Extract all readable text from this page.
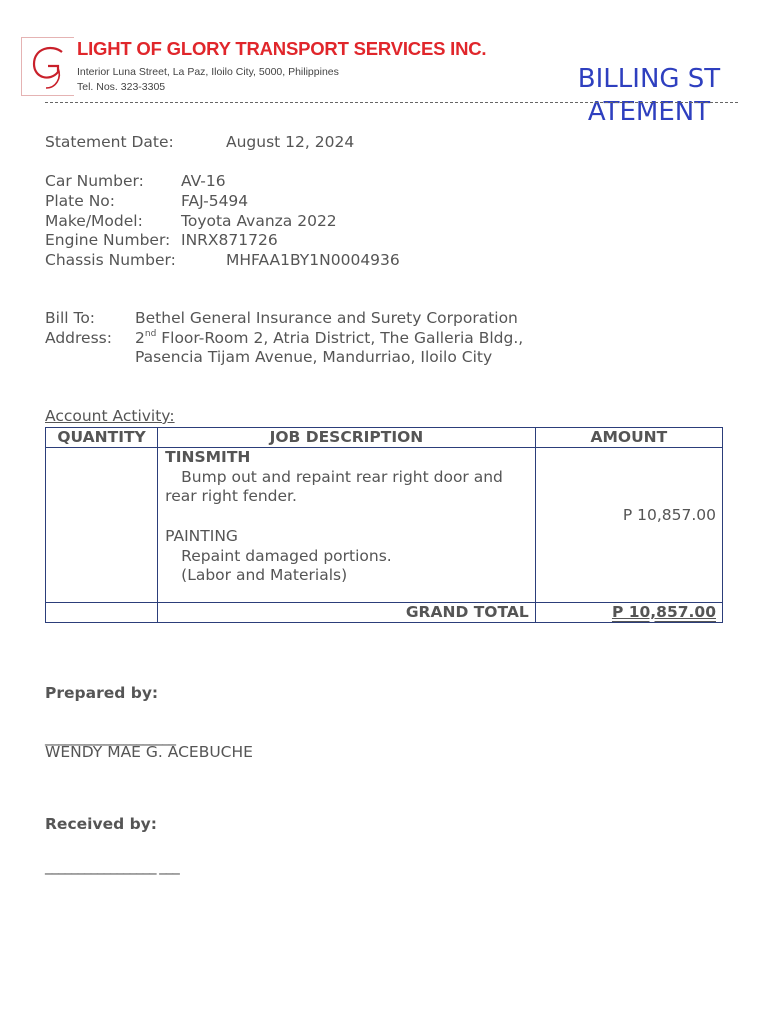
LIGHT OF GLORY TRANSPORT SERVICES INC.
Interior Luna Street, La Paz, Iloilo City, 5000, Philippines
Tel. Nos. 323-3305	BILLING STATEMENT
Statement Date:	August 12, 2024
Car Number: AV-16
Plate No:	FAJ-5494
Make/Model: Toyota Avanza 2022
Engine Number: INRX871726
Chassis Number:	MHFAA1BY1N0004936
Bill To:	Bethel General Insurance and Surety Corporation
Address: 2nd Floor-Room 2, Atria District, The Galleria Bldg.,
Pasencia Tijam Avenue, Mandurriao, Iloilo City
Account Activity:
QUANTITY	JOB DESCRIPTION	AMOUNT

	TINSMITH
Bump out and repaint rear right door and rear right fender.
PAINTING
Repaint damaged portions.
(Labor and Materials)	P 10,857.00

	GRAND TOTAL	P 10,857.00
Prepared by:
____________________
WENDY MAE G. ACEBUCHE
Received by:
_________________ ___
